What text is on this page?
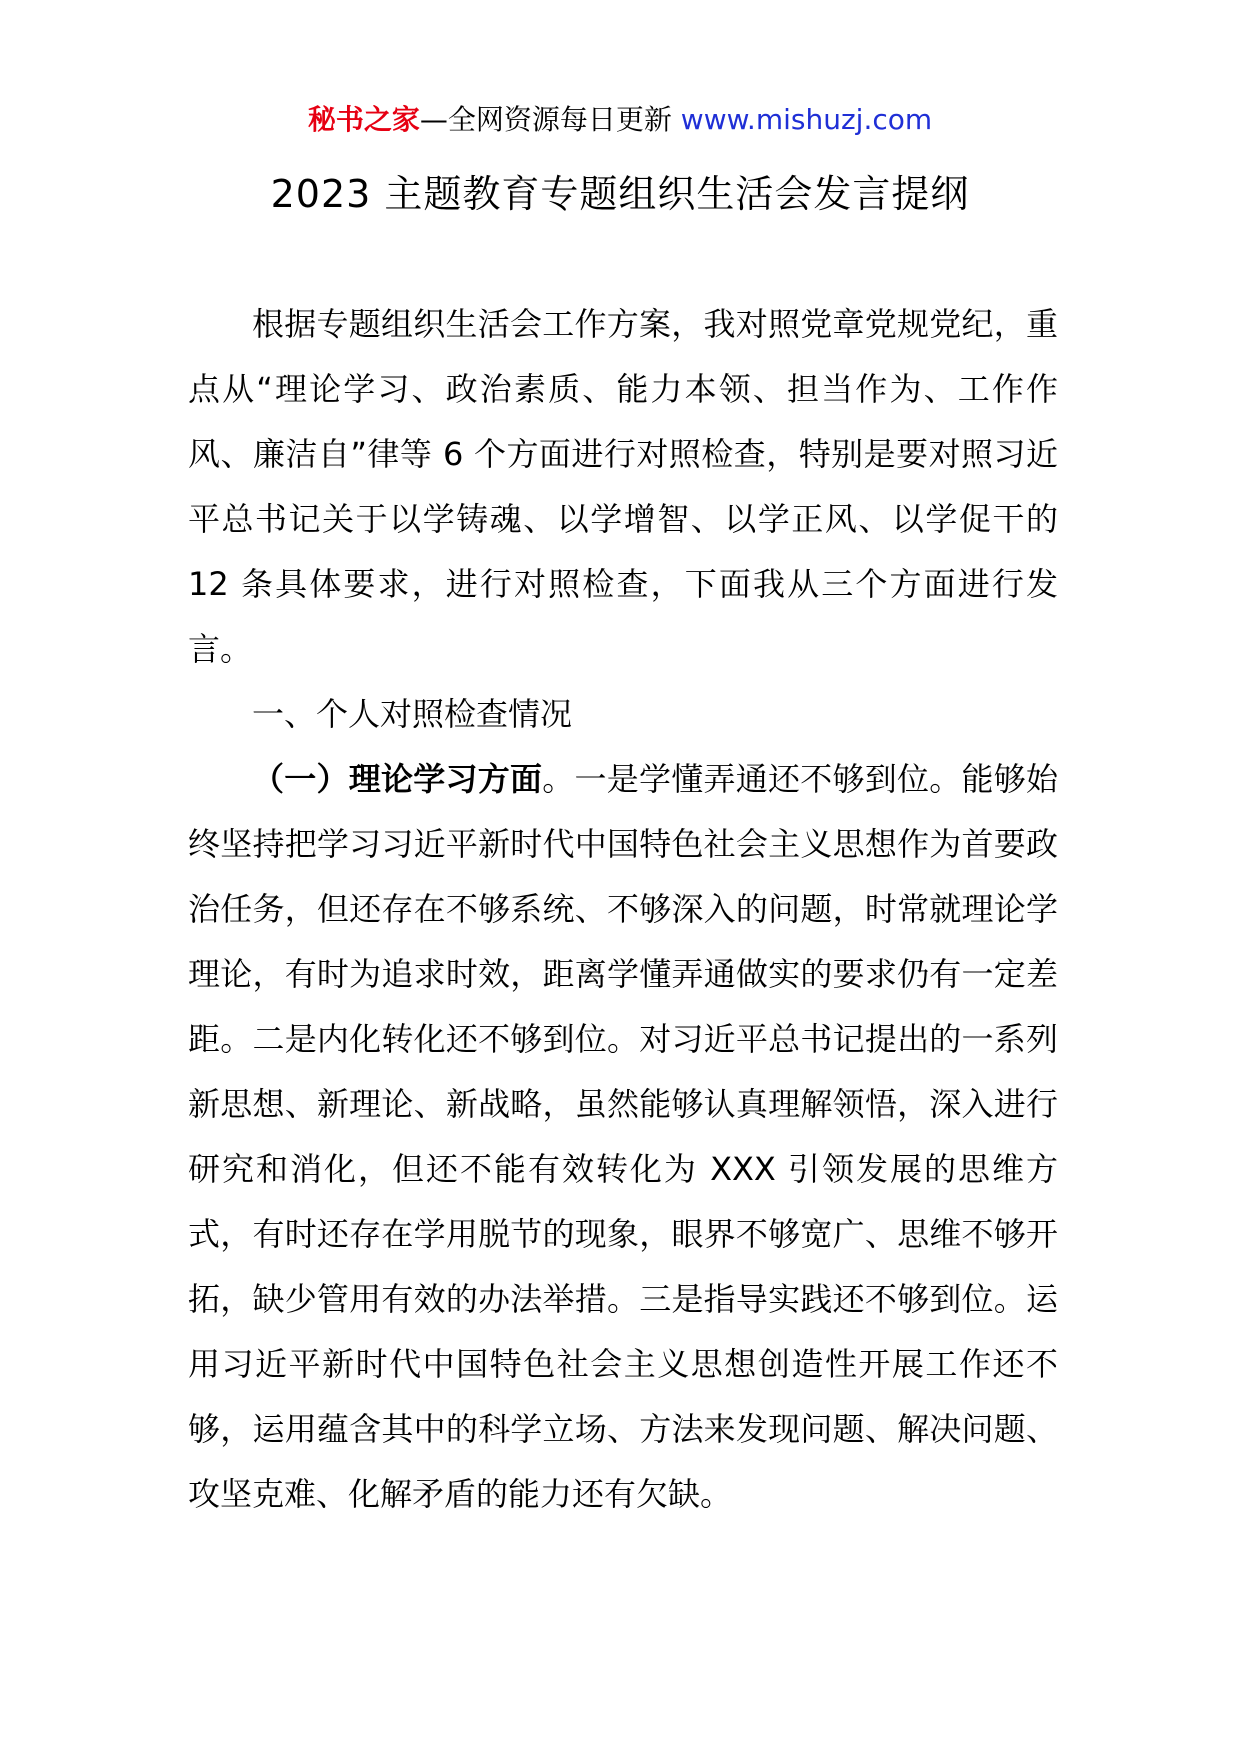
秘书之家—全网资源每日更新 www.mishuzj.com
2023 主题教育专题组织生活会发言提纲

根据专题组织生活会工作方案，我对照党章党规党纪，重点从“理论学习、政治素质、能力本领、担当作为、工作作风、廉洁自”律等 6 个方面进行对照检查，特别是要对照习近平总书记关于以学铸魂、以学增智、以学正风、以学促干的 12 条具体要求，进行对照检查，下面我从三个方面进行发言。

一、个人对照检查情况

（一）理论学习方面。一是学懂弄通还不够到位。能够始终坚持把学习习近平新时代中国特色社会主义思想作为首要政治任务，但还存在不够系统、不够深入的问题，时常就理论学理论，有时为追求时效，距离学懂弄通做实的要求仍有一定差距。二是内化转化还不够到位。对习近平总书记提出的一系列新思想、新理论、新战略，虽然能够认真理解领悟，深入进行研究和消化，但还不能有效转化为 XXX 引领发展的思维方式，有时还存在学用脱节的现象，眼界不够宽广、思维不够开拓，缺少管用有效的办法举措。三是指导实践还不够到位。运用习近平新时代中国特色社会主义思想创造性开展工作还不够，运用蕴含其中的科学立场、方法来发现问题、解决问题、攻坚克难、化解矛盾的能力还有欠缺。
